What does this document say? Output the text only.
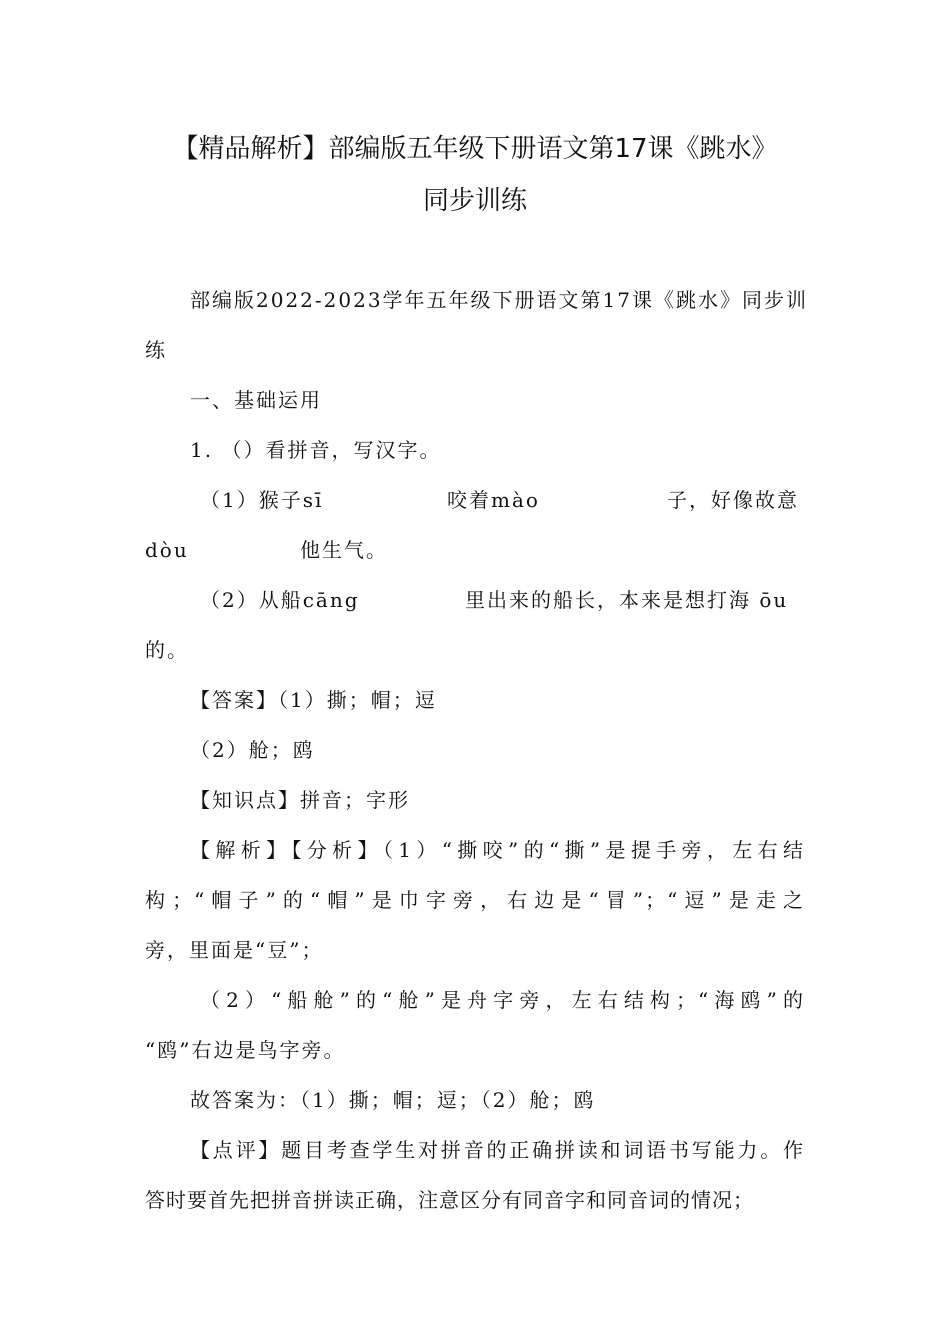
【精品解析】部编版五年级下册语文第17课《跳水》
同步训练
部编版2022-2023学年五年级下册语文第17课《跳水》同步训
练
一、基础运用
1. （）看拼音，写汉字。
（1）猴子sī	咬着mào	子，好像故意
dòu	他生气。
（2）从船cāng	里出来的船长，本来是想打海 ōu
的。
【答案】（1）撕；帽；逗
（2）舱；鸥
【知识点】拼音；字形
【解析】【分析】（1）“撕咬”的“撕”是提手旁，左右结
构；“帽子”的“帽”是巾字旁，右边是“冒”；“逗”是走之
旁，里面是“豆”；
（2）“船舱”的“舱”是舟字旁，左右结构；“海鸥”的
“鸥”右边是鸟字旁。
故答案为：（1）撕；帽；逗；（2）舱；鸥
【点评】题目考查学生对拼音的正确拼读和词语书写能力。作
答时要首先把拼音拼读正确，注意区分有同音字和同音词的情况；
